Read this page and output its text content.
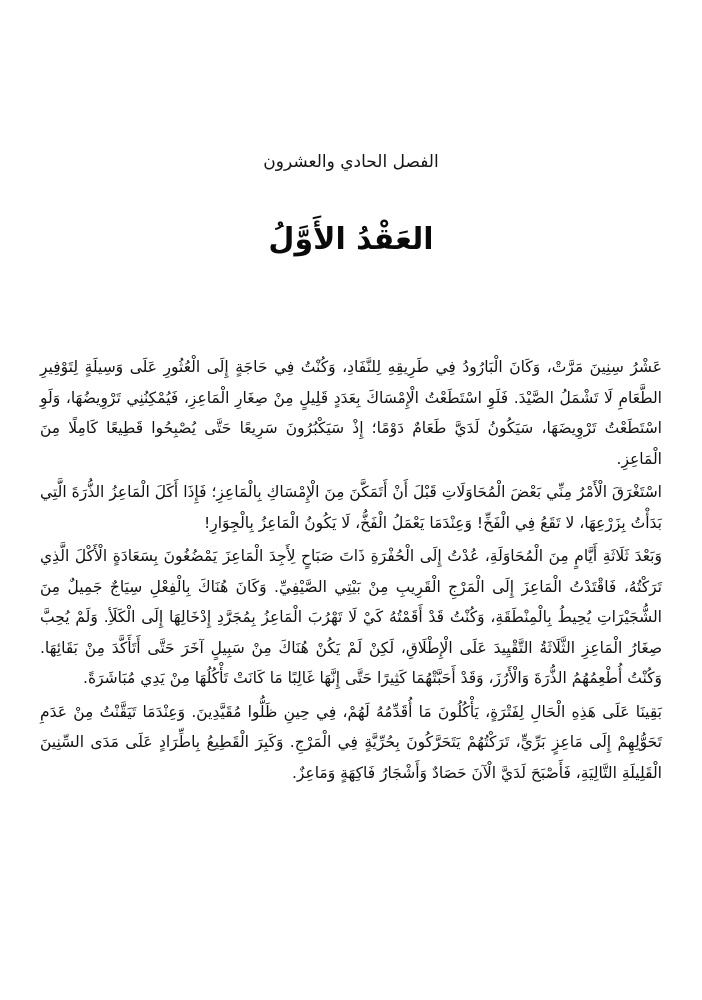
الفصل الحادي والعشرون
العَقْدُ الأَوَّلُ

عَشْرُ سِنِينَ مَرَّتْ، وَكَانَ الْبَارُودُ فِي طَرِيقِهِ لِلنَّفَادِ، وَكُنْتُ فِي حَاجَةٍ إِلَى الْعُثُورِ عَلَى وَسِيلَةٍ لِتَوْفِيرِ الطَّعَامِ لَا تَشْمَلُ الصَّيْدَ. فَلَوِ اسْتَطَعْتُ الْإِمْسَاكَ بِعَدَدٍ قَلِيلٍ مِنْ صِغَارِ الْمَاعِزِ، فَيُمْكِنُنِي تَرْوِيضُهَا، وَلَوِ اسْتَطَعْتُ تَرْوِيضَهَا، سَيَكُونُ لَدَيَّ طَعَامٌ دَوْمًا؛ إِذْ سَيَكْبُرُونَ سَرِيعًا حَتَّى يُصْبِحُوا قَطِيعًا كَامِلًا مِنَ الْمَاعِزِ.

اسْتَغْرَقَ الْأَمْرُ مِنِّي بَعْضَ الْمُحَاوَلَاتِ قَبْلَ أَنْ أَتَمَكَّنَ مِنَ الْإِمْسَاكِ بِالْمَاعِزِ؛ فَإِذَا أَكَلَ الْمَاعِزُ الذُّرَةَ الَّتِي بَدَأْتُ بِزَرْعِهَا، لا تَقَعُ فِي الْفَخِّ! وَعِنْدَمَا يَعْمَلُ الْفَخُّ، لَا يَكُونُ الْمَاعِزُ بِالْجِوَارِ!

وَبَعْدَ ثَلَاثَةِ أَيَّامٍ مِنَ الْمُحَاوَلَةِ، عُدْتُ إِلَى الْحُفْرَةِ ذَاتَ صَبَاحٍ لِأَجِدَ الْمَاعِزَ يَمْضُغُونَ بِسَعَادَةٍ الْأَكْلَ الَّذِي تَرَكْتُهُ، فَاقْتَدْتُ الْمَاعِزَ إِلَى الْمَرْجِ الْقَرِيبِ مِنْ بَيْتِي الصَّيْفِيِّ. وَكَانَ هُنَاكَ بِالْفِعْلِ سِيَاجٌ جَمِيلٌ مِنَ الشُّجَيْرَاتِ يُحِيطُ بِالْمِنْطَقَةِ، وَكُنْتُ قَدْ أَقَمْتُهُ كَيْ لَا تَهْرُبَ الْمَاعِزُ بِمُجَرَّدِ إِدْخَالِهَا إِلَى الْكَلَأِ. وَلَمْ يُحِبَّ صِغَارُ الْمَاعِزِ الثَّلَاثَةُ التَّقْيِيدَ عَلَى الْإِطْلَاقِ، لَكِنْ لَمْ يَكُنْ هُنَاكَ مِنْ سَبِيلٍ آخَرَ حَتَّى أَتَأَكَّدَ مِنْ بَقَائِهَا. وَكُنْتُ أُطْعِمُهُمُ الذُّرَةَ وَالْأَرُزَ، وَقَدْ أَحَبَّتْهُمَا كَثِيرًا حَتَّى إِنَّهَا غَالِبًا مَا كَانَتْ تَأْكُلُهَا مِنْ يَدِي مُبَاشَرَةً.

بَقِينَا عَلَى هَذِهِ الْحَالِ لِفَتْرَةٍ، يَأْكُلُونَ مَا أُقَدِّمُهُ لَهُمْ، فِي حِينِ ظَلُّوا مُقَيَّدِينَ. وَعِنْدَمَا تَيَقَّنْتُ مِنْ عَدَمِ تَحَوُّلِهِمْ إِلَى مَاعِزٍ بَرِّيٍّ، تَرَكْتُهُمْ يَتَحَرَّكُونَ بِحُرِّيَّةٍ فِي الْمَرْجِ. وَكَبِرَ الْقَطِيعُ بِاطِّرَادٍ عَلَى مَدَى السِّنِينَ الْقَلِيلَةِ التَّالِيَةِ، فَأَصْبَحَ لَدَيَّ الْآنَ حَصَادٌ وَأَشْجَارُ فَاكِهَةٍ وَمَاعِزٌ.
